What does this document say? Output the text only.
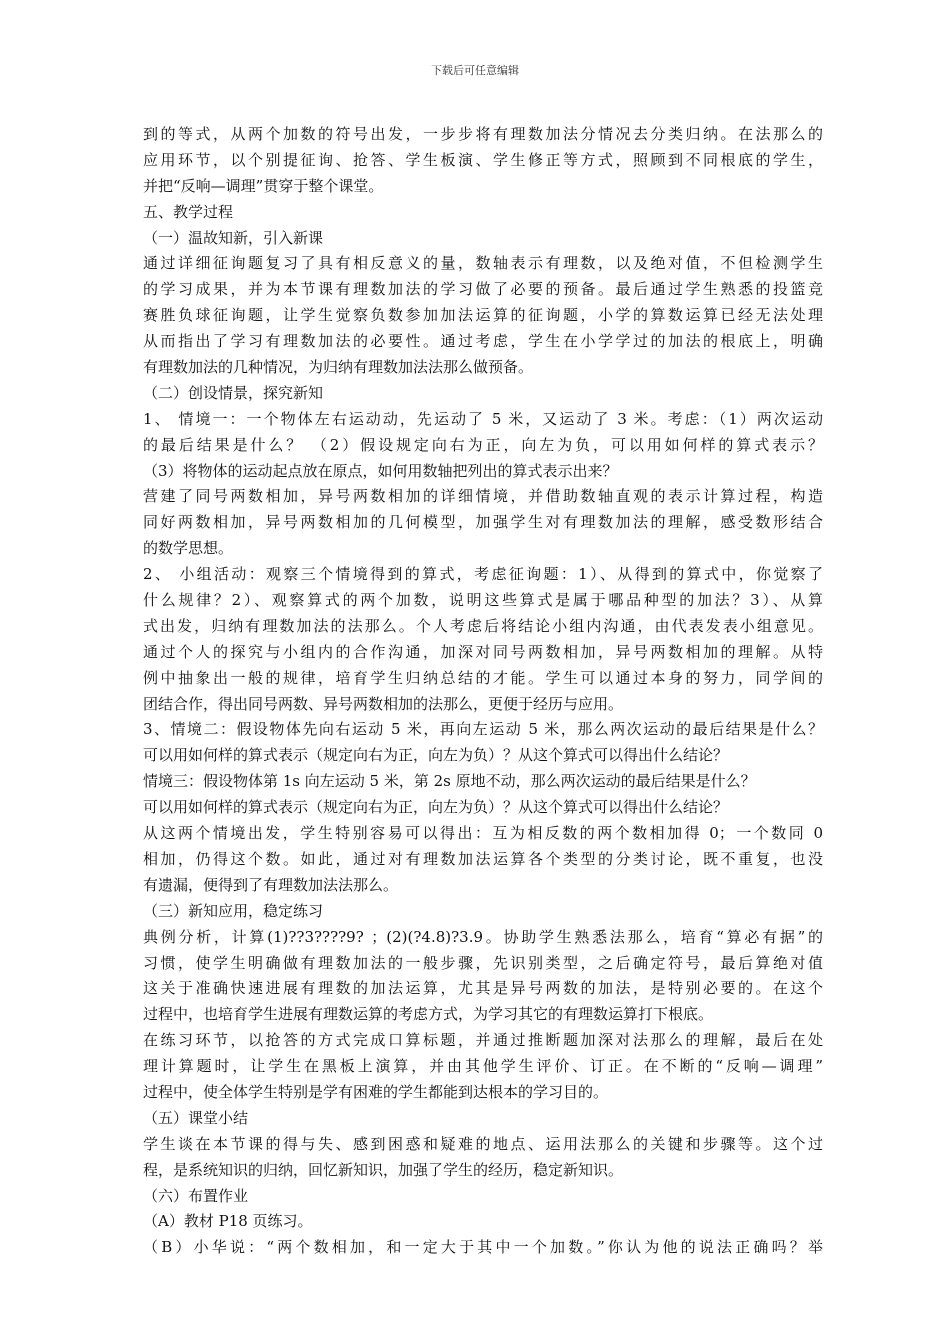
下载后可任意编辑
到的等式，从两个加数的符号出发，一步步将有理数加法分情况去分类归纳。在法那么的
应用环节，以个别提征询、抢答、学生板演、学生修正等方式，照顾到不同根底的学生，
并把“反响—调理”贯穿于整个课堂。
五、教学过程
（一）温故知新，引入新课
通过详细征询题复习了具有相反意义的量，数轴表示有理数，以及绝对值，不但检测学生
的学习成果，并为本节课有理数加法的学习做了必要的预备。最后通过学生熟悉的投篮竞
赛胜负球征询题，让学生觉察负数参加加法运算的征询题，小学的算数运算已经无法处理
从而指出了学习有理数加法的必要性。通过考虑，学生在小学学过的加法的根底上，明确
有理数加法的几种情况，为归纳有理数加法法那么做预备。
（二）创设情景，探究新知
1、 情境一：一个物体左右运动动，先运动了 5 米，又运动了 3 米。考虑：（1）两次运动
的最后结果是什么？ （2）假设规定向右为正，向左为负，可以用如何样的算式表示？
（3）将物体的运动起点放在原点，如何用数轴把列出的算式表示出来？
营建了同号两数相加，异号两数相加的详细情境，并借助数轴直观的表示计算过程，构造
同好两数相加，异号两数相加的几何模型，加强学生对有理数加法的理解，感受数形结合
的数学思想。
2、 小组活动：观察三个情境得到的算式，考虑征询题：1）、从得到的算式中，你觉察了
什么规律？2）、观察算式的两个加数，说明这些算式是属于哪品种型的加法？3）、从算
式出发，归纳有理数加法的法那么。个人考虑后将结论小组内沟通，由代表发表小组意见。
通过个人的探究与小组内的合作沟通，加深对同号两数相加，异号两数相加的理解。从特
例中抽象出一般的规律，培育学生归纳总结的才能。学生可以通过本身的努力，同学间的
团结合作，得出同号两数、异号两数相加的法那么，更便于经历与应用。
3、情境二：假设物体先向右运动 5 米，再向左运动 5 米，那么两次运动的最后结果是什么？
可以用如何样的算式表示（规定向右为正，向左为负）？从这个算式可以得出什么结论？
情境三：假设物体第 1s 向左运动 5 米，第 2s 原地不动，那么两次运动的最后结果是什么？
可以用如何样的算式表示（规定向右为正，向左为负）？从这个算式可以得出什么结论？
从这两个情境出发，学生特别容易可以得出：互为相反数的两个数相加得 0；一个数同 0
相加，仍得这个数。如此，通过对有理数加法运算各个类型的分类讨论，既不重复，也没
有遗漏，便得到了有理数加法法那么。
（三）新知应用，稳定练习
典例分析，计算(1)??3????9? ；(2)(?4.8)?3.9。协助学生熟悉法那么，培育“算必有据”的
习惯，使学生明确做有理数加法的一般步骤，先识别类型，之后确定符号，最后算绝对值
这关于准确快速进展有理数的加法运算，尤其是异号两数的加法，是特别必要的。在这个
过程中，也培育学生进展有理数运算的考虑方式，为学习其它的有理数运算打下根底。
在练习环节，以抢答的方式完成口算标题，并通过推断题加深对法那么的理解，最后在处
理计算题时，让学生在黑板上演算，并由其他学生评价、订正。在不断的“反响—调理”
过程中，使全体学生特别是学有困难的学生都能到达根本的学习目的。
（五）课堂小结
学生谈在本节课的得与失、感到困惑和疑难的地点、运用法那么的关键和步骤等。这个过
程，是系统知识的归纳，回忆新知识，加强了学生的经历，稳定新知识。
（六）布置作业
（A）教材 P18 页练习。
（B）小华说：“两个数相加，和一定大于其中一个加数。”你认为他的说法正确吗？举
